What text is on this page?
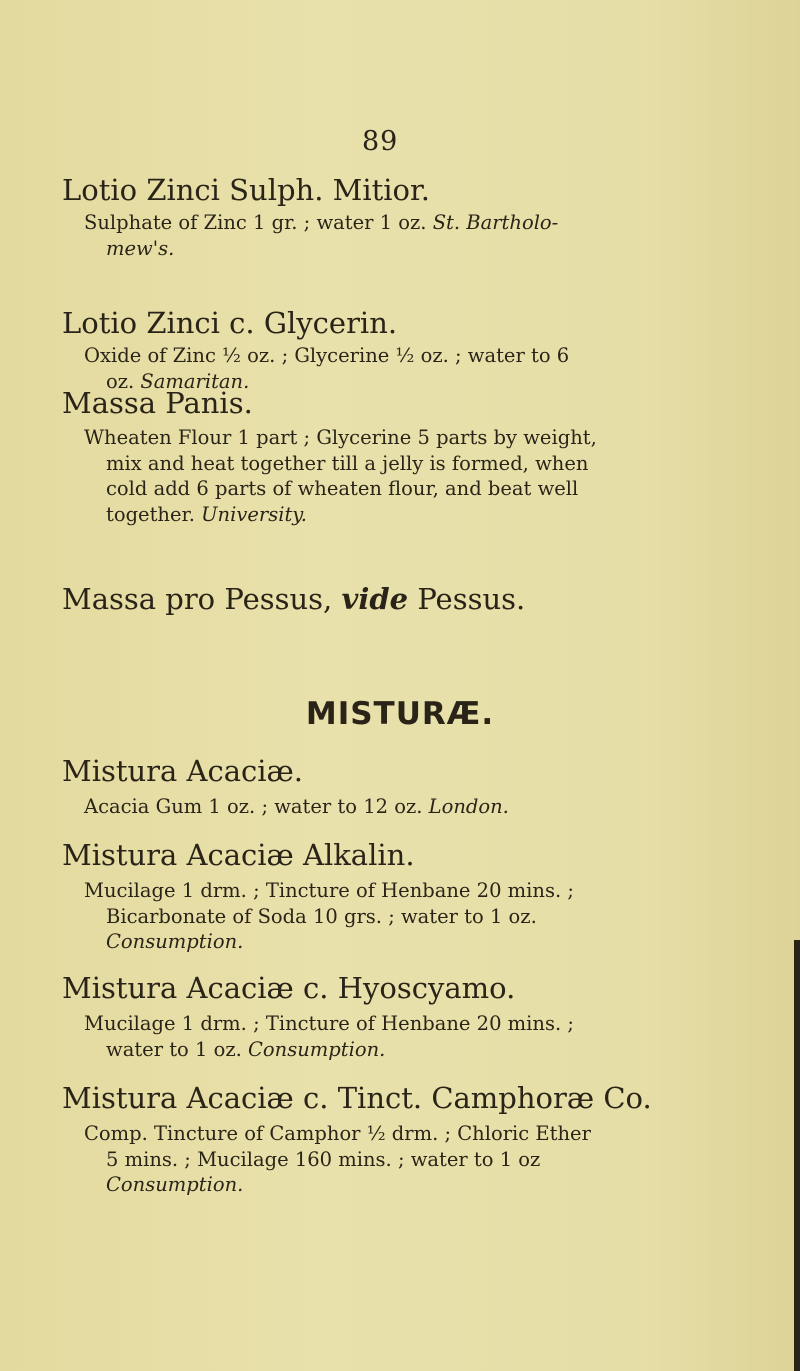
89
Lotio Zinci Sulph. Mitior.
Sulphate of Zinc 1 gr. ; water 1 oz. St. Bartholo-
mew's.
Lotio Zinci c. Glycerin.
Oxide of Zinc ½ oz. ; Glycerine ½ oz. ; water to 6
oz. Samaritan.
Massa Panis.
Wheaten Flour 1 part ; Glycerine 5 parts by weight,
mix and heat together till a jelly is formed, when
cold add 6 parts of wheaten flour, and beat well
together. University.
Massa pro Pessus, vide Pessus.
MISTURÆ.
Mistura Acaciæ.
Acacia Gum 1 oz. ; water to 12 oz. London.
Mistura Acaciæ Alkalin.
Mucilage 1 drm. ; Tincture of Henbane 20 mins. ;
Bicarbonate of Soda 10 grs. ; water to 1 oz.
Consumption.
Mistura Acaciæ c. Hyoscyamo.
Mucilage 1 drm. ; Tincture of Henbane 20 mins. ;
water to 1 oz. Consumption.
Mistura Acaciæ c. Tinct. Camphoræ Co.
Comp. Tincture of Camphor ½ drm. ; Chloric Ether
5 mins. ; Mucilage 160 mins. ; water to 1 oz
Consumption.
